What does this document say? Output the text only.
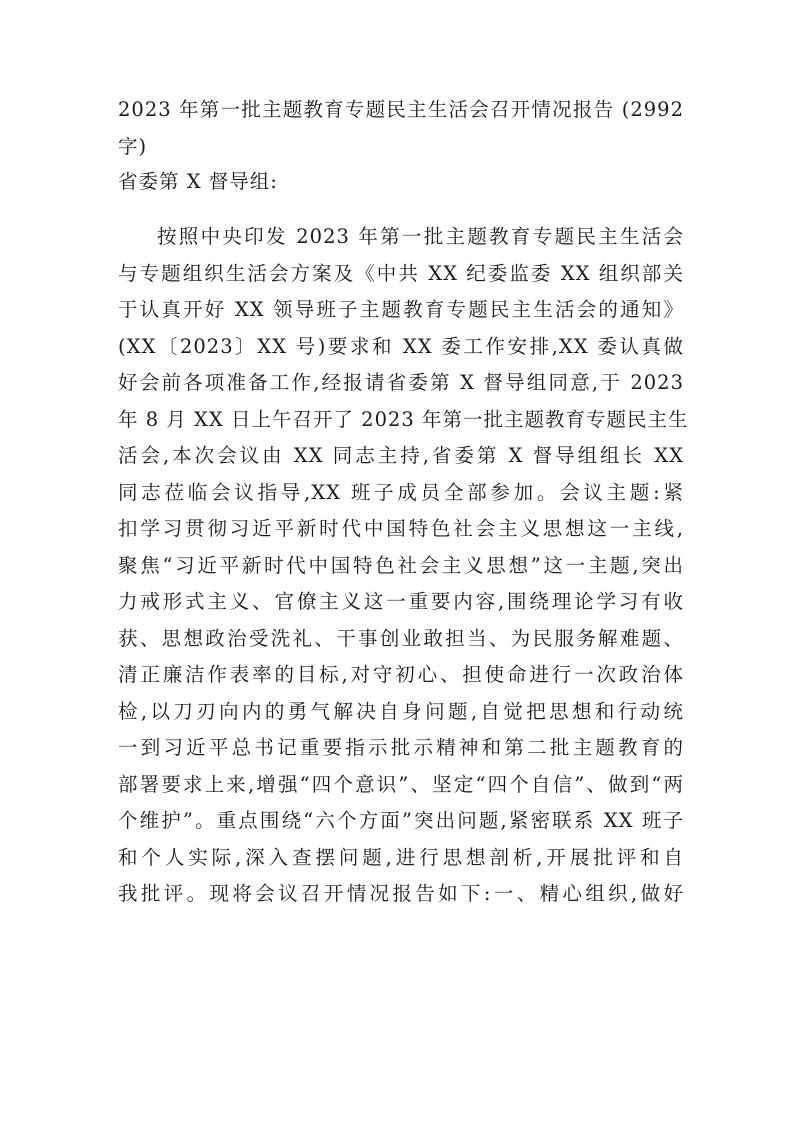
2023 年第一批主题教育专题民主生活会召开情况报告 (2992
字)
省委第 X 督导组:
按照中央印发 2023 年第一批主题教育专题民主生活会
与专题组织生活会方案及《中共 XX 纪委监委 XX 组织部关
于认真开好 XX 领导班子主题教育专题民主生活会的通知》
(XX〔2023〕XX 号)要求和 XX 委工作安排,XX 委认真做
好会前各项准备工作,经报请省委第 X 督导组同意,于 2023
年 8 月 XX 日上午召开了 2023 年第一批主题教育专题民主生
活会,本次会议由 XX 同志主持,省委第 X 督导组组长 XX
同志莅临会议指导,XX 班子成员全部参加。会议主题:紧
扣学习贯彻习近平新时代中国特色社会主义思想这一主线,
聚焦“习近平新时代中国特色社会主义思想”这一主题,突出
力戒形式主义、官僚主义这一重要内容,围绕理论学习有收
获、思想政治受洗礼、干事创业敢担当、为民服务解难题、
清正廉洁作表率的目标,对守初心、担使命进行一次政治体
检,以刀刃向内的勇气解决自身问题,自觉把思想和行动统
一到习近平总书记重要指示批示精神和第二批主题教育的
部署要求上来,增强“四个意识”、坚定“四个自信”、做到“两
个维护”。重点围绕“六个方面”突出问题,紧密联系 XX 班子
和个人实际,深入查摆问题,进行思想剖析,开展批评和自
我批评。现将会议召开情况报告如下:一、精心组织,做好
